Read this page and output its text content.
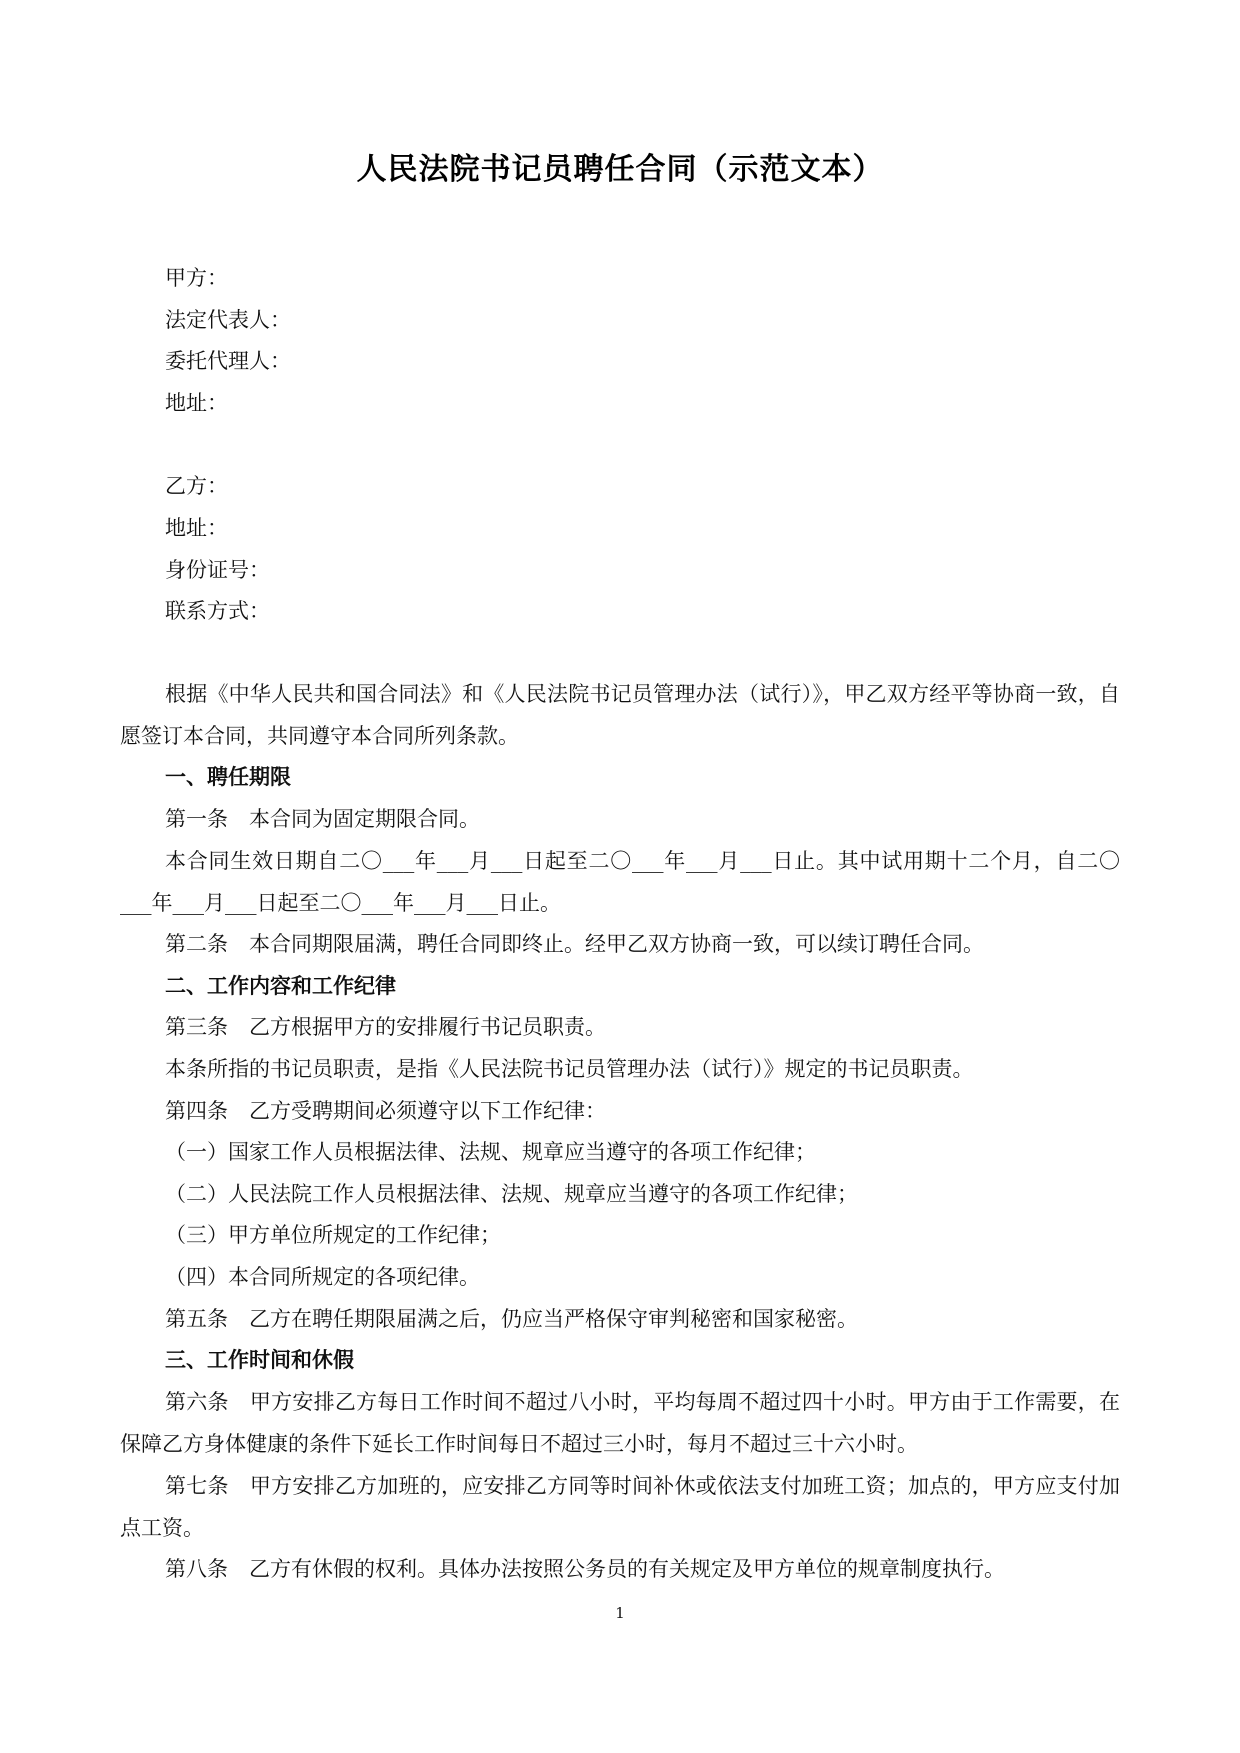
人民法院书记员聘任合同（示范文本）
甲方：
法定代表人：
委托代理人：
地址：
乙方：
地址：
身份证号：
联系方式：
根据《中华人民共和国合同法》和《人民法院书记员管理办法（试行）》，甲乙双方经平等协商一致，自愿签订本合同，共同遵守本合同所列条款。
一、聘任期限
第一条　本合同为固定期限合同。
本合同生效日期自二〇___年___月___日起至二〇___年___月___日止。其中试用期十二个月，自二〇___年___月___日起至二〇___年___月___日止。
第二条　本合同期限届满，聘任合同即终止。经甲乙双方协商一致，可以续订聘任合同。
二、工作内容和工作纪律
第三条　乙方根据甲方的安排履行书记员职责。
本条所指的书记员职责，是指《人民法院书记员管理办法（试行）》规定的书记员职责。
第四条　乙方受聘期间必须遵守以下工作纪律：
（一）国家工作人员根据法律、法规、规章应当遵守的各项工作纪律；
（二）人民法院工作人员根据法律、法规、规章应当遵守的各项工作纪律；
（三）甲方单位所规定的工作纪律；
（四）本合同所规定的各项纪律。
第五条　乙方在聘任期限届满之后，仍应当严格保守审判秘密和国家秘密。
三、工作时间和休假
第六条　甲方安排乙方每日工作时间不超过八小时，平均每周不超过四十小时。甲方由于工作需要，在保障乙方身体健康的条件下延长工作时间每日不超过三小时，每月不超过三十六小时。
第七条　甲方安排乙方加班的，应安排乙方同等时间补休或依法支付加班工资；加点的，甲方应支付加点工资。
第八条　乙方有休假的权利。具体办法按照公务员的有关规定及甲方单位的规章制度执行。
1
